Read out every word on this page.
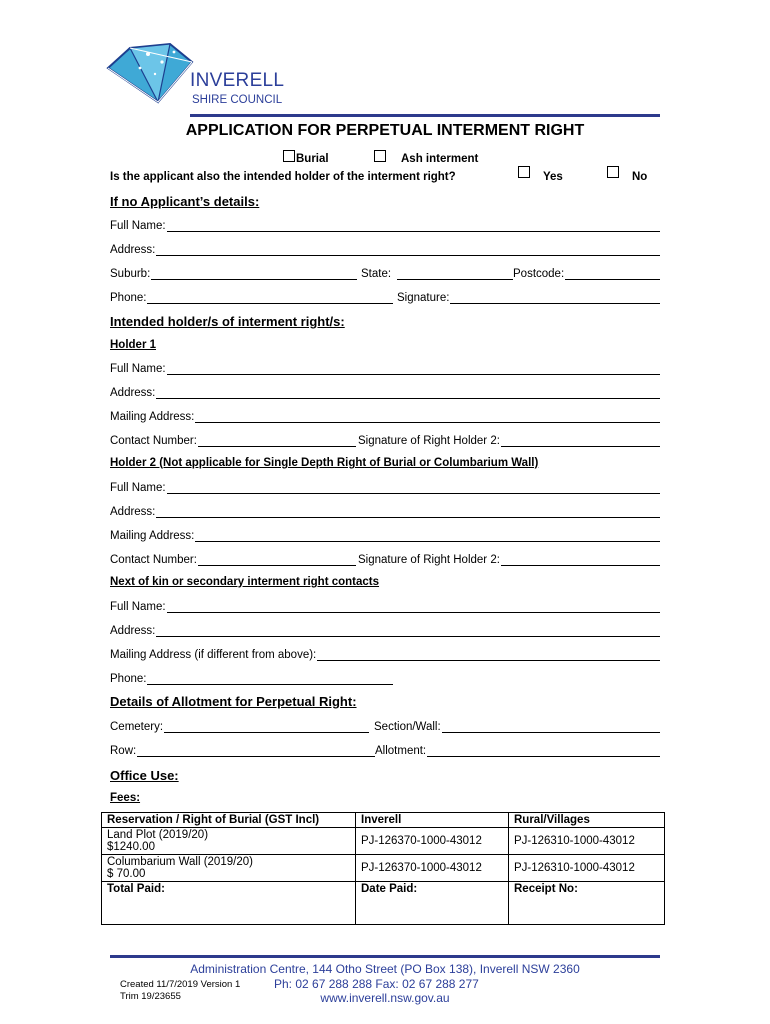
INVERELL
SHIRE COUNCIL
APPLICATION FOR PERPETUAL INTERMENT RIGHT
Burial	Ash interment
Is the applicant also the intended holder of the interment right?	Yes	No
If no Applicant’s details:
Full Name:
Address:
Suburb:	State:	Postcode:
Phone:	Signature:
Intended holder/s of interment right/s:
Holder 1
Full Name:
Address:
Mailing Address:
Contact Number:	Signature of Right Holder 2:
Holder 2 (Not applicable for Single Depth Right of Burial or Columbarium Wall)
Full Name:
Address:
Mailing Address:
Contact Number:	Signature of Right Holder 2:
Next of kin or secondary interment right contacts
Full Name:
Address:
Mailing Address (if different from above):
Phone:
Details of Allotment for Perpetual Right:
Cemetery:	Section/Wall:
Row:	Allotment:
Office Use:
Fees:
Reservation / Right of Burial (GST Incl)	Inverell	Rural/Villages

Land Plot (2019/20)
$1240.00	PJ-126370-1000-43012	PJ-126310-1000-43012

Columbarium Wall (2019/20)
$ 70.00	PJ-126370-1000-43012	PJ-126310-1000-43012
Total Paid:	Date Paid:	Receipt No:
Administration Centre, 144 Otho Street (PO Box 138), Inverell NSW 2360
Created 11/7/2019 Version 1
Trim 19/23655
Ph: 02 67 288 288 Fax: 02 67 288 277
www.inverell.nsw.gov.au
